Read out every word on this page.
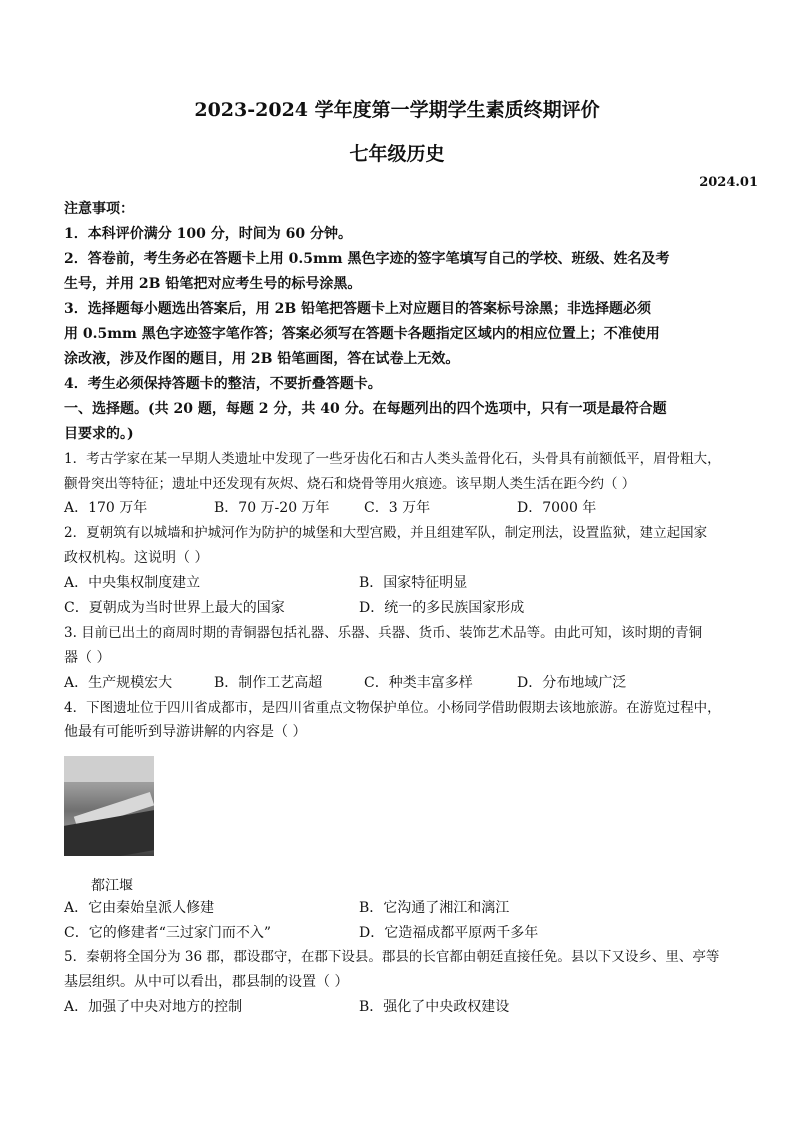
2023-2024 学年度第一学期学生素质终期评价
七年级历史
2024.01
注意事项：
1．本科评价满分 100 分，时间为 60 分钟。
2．答卷前，考生务必在答题卡上用 0.5mm 黑色字迹的签字笔填写自己的学校、班级、姓名及考
生号，并用 2B 铅笔把对应考生号的标号涂黑。
3．选择题每小题选出答案后，用 2B 铅笔把答题卡上对应题目的答案标号涂黑；非选择题必须
用 0.5mm 黑色字迹签字笔作答；答案必须写在答题卡各题指定区域内的相应位置上；不准使用
涂改液，涉及作图的题目，用 2B 铅笔画图，答在试卷上无效。
4．考生必须保持答题卡的整洁，不要折叠答题卡。
一、选择题。(共 20 题，每题 2 分，共 40 分。在每题列出的四个选项中，只有一项是最符合题
目要求的。)
1．考古学家在某一早期人类遗址中发现了一些牙齿化石和古人类头盖骨化石，头骨具有前额低平，眉骨粗大，
颧骨突出等特征；遗址中还发现有灰烬、烧石和烧骨等用火痕迹。该早期人类生活在距今约（ ）
A．170 万年	B．70 万-20 万年 C．3 万年	D．7000 年
2．夏朝筑有以城墙和护城河作为防护的城堡和大型宫殿，并且组建军队，制定刑法，设置监狱，建立起国家
政权机构。这说明（ ）
A．中央集权制度建立	B．国家特征明显
C．夏朝成为当时世界上最大的国家	D．统一的多民族国家形成
3. 目前已出土的商周时期的青铜器包括礼器、乐器、兵器、货币、装饰艺术品等。由此可知，该时期的青铜
器（ ）
A．生产规模宏大	B．制作工艺高超	C．种类丰富多样	D．分布地域广泛
4．下图遗址位于四川省成都市，是四川省重点文物保护单位。小杨同学借助假期去该地旅游。在游览过程中，
他最有可能听到导游讲解的内容是（ ）
都江堰
A．它由秦始皇派人修建	B．它沟通了湘江和漓江
C．它的修建者“三过家门而不入”	D．它造福成都平原两千多年
5．秦朝将全国分为 36 郡，郡设郡守，在郡下设县。郡县的长官都由朝廷直接任免。县以下又设乡、里、亭等
基层组织。从中可以看出，郡县制的设置（ ）
A．加强了中央对地方的控制	B．强化了中央政权建设
